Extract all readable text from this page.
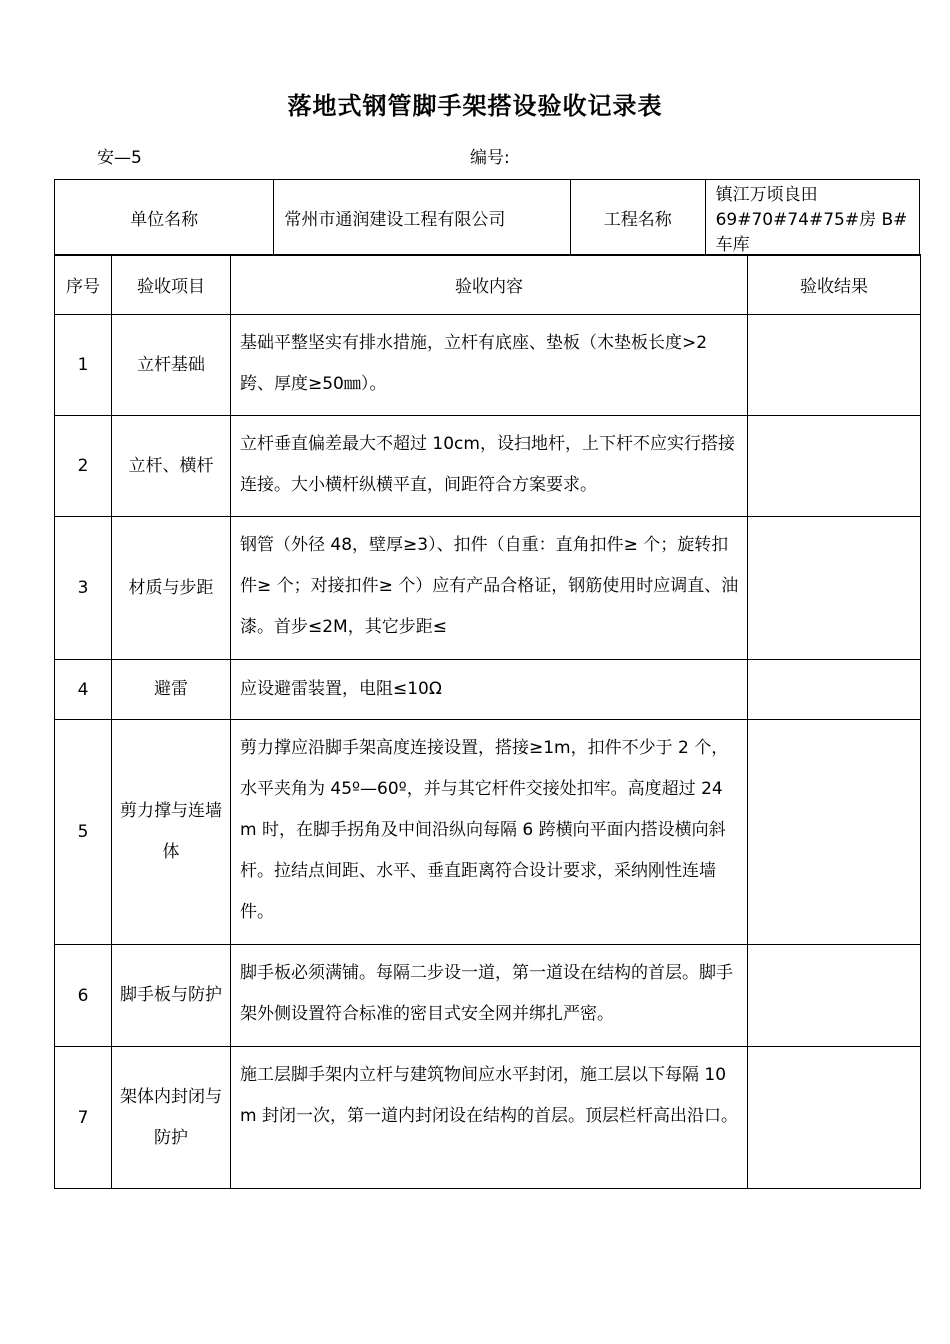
落地式钢管脚手架搭设验收记录表
安—5	编号:
单位名称	常州市通润建设工程有限公司	工程名称	镇江万顷良田 69#70#74#75#房 B#车库
序号	验收项目	验收内容	验收结果
1	立杆基础	基础平整坚实有排水措施，立杆有底座、垫板（木垫板长度>2 跨、厚度≥50㎜）。	
2	立杆、横杆	立杆垂直偏差最大不超过 10cm，设扫地杆，上下杆不应实行搭接连接。大小横杆纵横平直，间距符合方案要求。	
3	材质与步距	钢管（外径 48，壁厚≥3）、扣件（自重：直角扣件≥ 个；旋转扣件≥ 个；对接扣件≥ 个）应有产品合格证，钢筋使用时应调直、油漆。首步≤2M，其它步距≤	
4	避雷	应设避雷装置，电阻≤10Ω	
5	剪力撑与连墙体	剪力撑应沿脚手架高度连接设置，搭接≥1m，扣件不少于 2 个，水平夹角为 45º—60º，并与其它杆件交接处扣牢。高度超过 24m 时，在脚手拐角及中间沿纵向每隔 6 跨横向平面内搭设横向斜杆。拉结点间距、水平、垂直距离符合设计要求，采纳刚性连墙件。	
6	脚手板与防护	脚手板必须满铺。每隔二步设一道，第一道设在结构的首层。脚手架外侧设置符合标准的密目式安全网并绑扎严密。	
7	架体内封闭与防护	施工层脚手架内立杆与建筑物间应水平封闭，施工层以下每隔 10m 封闭一次，第一道内封闭设在结构的首层。顶层栏杆高出沿口。	
